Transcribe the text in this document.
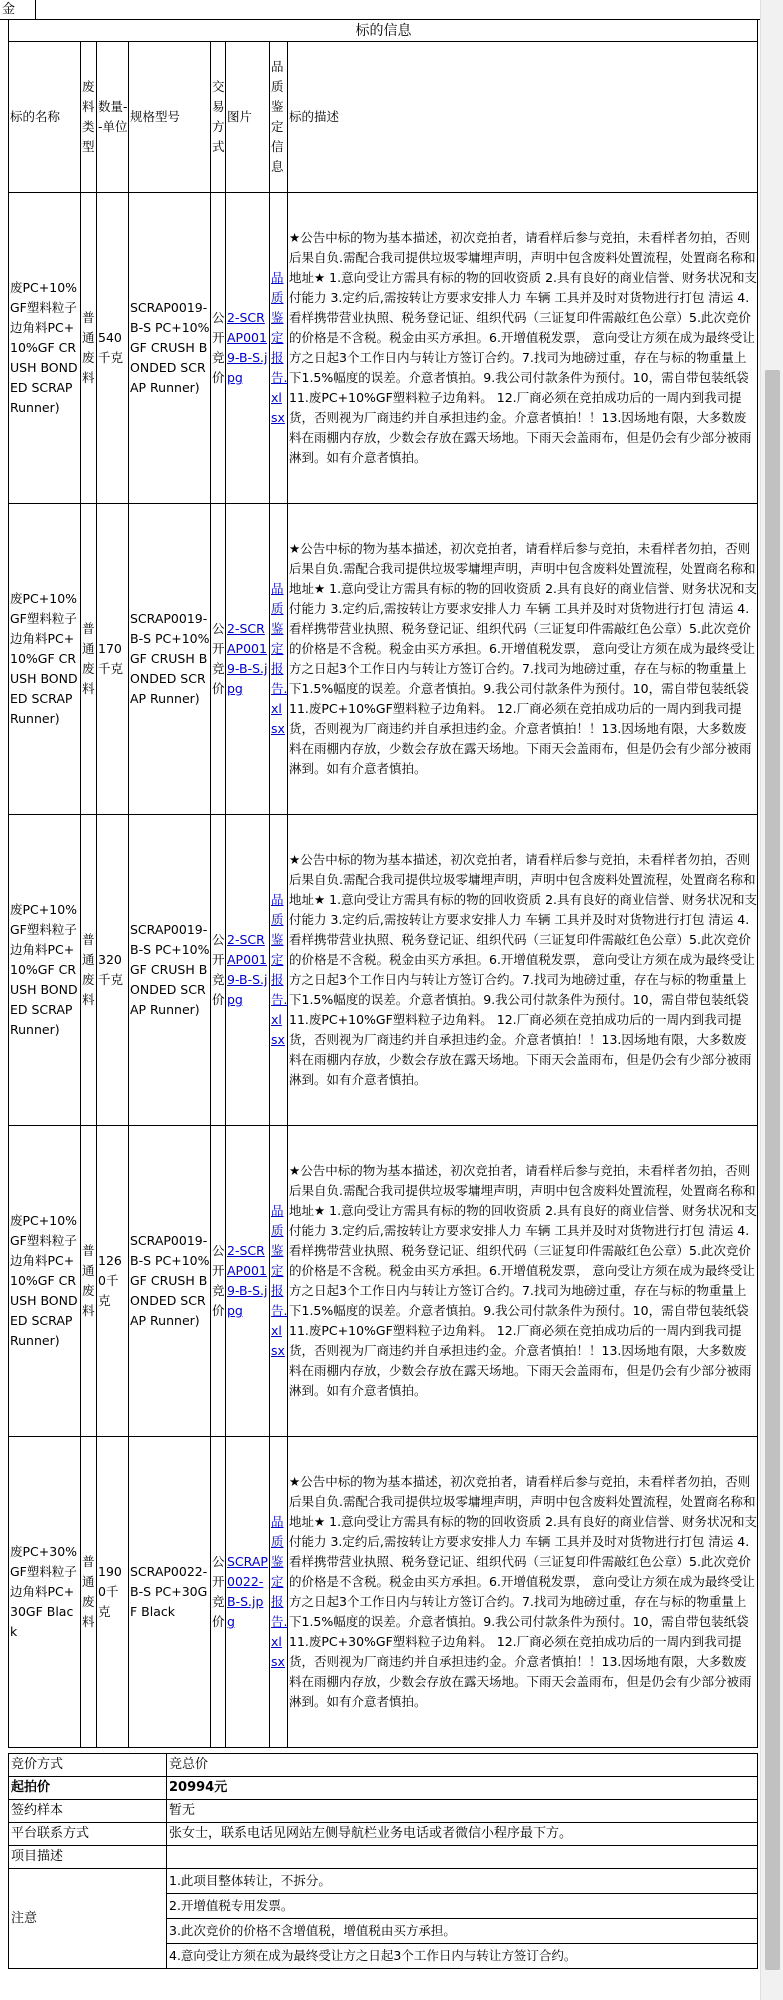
金
标的信息							
标的名称	废料类型	数量--单位	规格型号	交易方式	图片	品质鉴定信息	标的描述
废PC+10%GF塑料粒子边角料PC+10%GF CRUSH BONDED SCRAP Runner)	普通废料	540千克	SCRAP0019-B-S PC+10%GF CRUSH BONDED SCRAP Runner)	公开竞价	2-SCRAP0019-B-S.jpg	品质鉴定报告.xlsx	★公告中标的物为基本描述，初次竞拍者，请看样后参与竞拍，未看样者勿拍，否则后果自负.需配合我司提供垃圾零墉埋声明，声明中包含废料处置流程，处置商名称和地址★ 1.意向受让方需具有标的物的回收资质 2.具有良好的商业信誉、财务状况和支付能力 3.定约后,需按转让方要求安排人力 车辆 工具并及时对货物进行打包 清运 4.看样携带营业执照、税务登记证、组织代码（三证复印件需敲红色公章）5.此次竞价的价格是不含税。税金由买方承担。6.开增值税发票， 意向受让方须在成为最终受让方之日起3个工作日内与转让方签订合约。7.找司为地磅过重，存在与标的物重量上下1.5%幅度的误差。介意者慎拍。9.我公司付款条件为预付。10，需自带包装纸袋 11.废PC+10%GF塑料粒子边角料。 12.厂商必须在竞拍成功后的一周内到我司提货，否则视为厂商违约并自承担违约金。介意者慎拍！！13.因场地有限，大多数废料在雨棚内存放，少数会存放在露天场地。下雨天会盖雨布，但是仍会有少部分被雨淋到。如有介意者慎拍。
废PC+10%GF塑料粒子边角料PC+10%GF CRUSH BONDED SCRAP Runner)	普通废料	170千克	SCRAP0019-B-S PC+10%GF CRUSH BONDED SCRAP Runner)	公开竞价	2-SCRAP0019-B-S.jpg	品质鉴定报告.xlsx	★公告中标的物为基本描述，初次竞拍者，请看样后参与竞拍，未看样者勿拍，否则后果自负.需配合我司提供垃圾零墉埋声明，声明中包含废料处置流程，处置商名称和地址★ 1.意向受让方需具有标的物的回收资质 2.具有良好的商业信誉、财务状况和支付能力 3.定约后,需按转让方要求安排人力 车辆 工具并及时对货物进行打包 清运 4.看样携带营业执照、税务登记证、组织代码（三证复印件需敲红色公章）5.此次竞价的价格是不含税。税金由买方承担。6.开增值税发票， 意向受让方须在成为最终受让方之日起3个工作日内与转让方签订合约。7.找司为地磅过重，存在与标的物重量上下1.5%幅度的误差。介意者慎拍。9.我公司付款条件为预付。10，需自带包装纸袋 11.废PC+10%GF塑料粒子边角料。 12.厂商必须在竞拍成功后的一周内到我司提货，否则视为厂商违约并自承担违约金。介意者慎拍！！13.因场地有限，大多数废料在雨棚内存放，少数会存放在露天场地。下雨天会盖雨布，但是仍会有少部分被雨淋到。如有介意者慎拍。
废PC+10%GF塑料粒子边角料PC+10%GF CRUSH BONDED SCRAP Runner)	普通废料	320千克	SCRAP0019-B-S PC+10%GF CRUSH BONDED SCRAP Runner)	公开竞价	2-SCRAP0019-B-S.jpg	品质鉴定报告.xlsx	★公告中标的物为基本描述，初次竞拍者，请看样后参与竞拍，未看样者勿拍，否则后果自负.需配合我司提供垃圾零墉埋声明，声明中包含废料处置流程，处置商名称和地址★ 1.意向受让方需具有标的物的回收资质 2.具有良好的商业信誉、财务状况和支付能力 3.定约后,需按转让方要求安排人力 车辆 工具并及时对货物进行打包 清运 4.看样携带营业执照、税务登记证、组织代码（三证复印件需敲红色公章）5.此次竞价的价格是不含税。税金由买方承担。6.开增值税发票， 意向受让方须在成为最终受让方之日起3个工作日内与转让方签订合约。7.找司为地磅过重，存在与标的物重量上下1.5%幅度的误差。介意者慎拍。9.我公司付款条件为预付。10，需自带包装纸袋 11.废PC+10%GF塑料粒子边角料。 12.厂商必须在竞拍成功后的一周内到我司提货，否则视为厂商违约并自承担违约金。介意者慎拍！！13.因场地有限，大多数废料在雨棚内存放，少数会存放在露天场地。下雨天会盖雨布，但是仍会有少部分被雨淋到。如有介意者慎拍。
废PC+10%GF塑料粒子边角料PC+10%GF CRUSH BONDED SCRAP Runner)	普通废料	1260千克	SCRAP0019-B-S PC+10%GF CRUSH BONDED SCRAP Runner)	公开竞价	2-SCRAP0019-B-S.jpg	品质鉴定报告.xlsx	★公告中标的物为基本描述，初次竞拍者，请看样后参与竞拍，未看样者勿拍，否则后果自负.需配合我司提供垃圾零墉埋声明，声明中包含废料处置流程，处置商名称和地址★ 1.意向受让方需具有标的物的回收资质 2.具有良好的商业信誉、财务状况和支付能力 3.定约后,需按转让方要求安排人力 车辆 工具并及时对货物进行打包 清运 4.看样携带营业执照、税务登记证、组织代码（三证复印件需敲红色公章）5.此次竞价的价格是不含税。税金由买方承担。6.开增值税发票， 意向受让方须在成为最终受让方之日起3个工作日内与转让方签订合约。7.找司为地磅过重，存在与标的物重量上下1.5%幅度的误差。介意者慎拍。9.我公司付款条件为预付。10，需自带包装纸袋 11.废PC+10%GF塑料粒子边角料。 12.厂商必须在竞拍成功后的一周内到我司提货，否则视为厂商违约并自承担违约金。介意者慎拍！！13.因场地有限，大多数废料在雨棚内存放，少数会存放在露天场地。下雨天会盖雨布，但是仍会有少部分被雨淋到。如有介意者慎拍。
废PC+30%GF塑料粒子边角料PC+30GF Black	普通废料	1900千克	SCRAP0022-B-S PC+30GF Black	公开竞价	SCRAP0022-B-S.jpg	品质鉴定报告.xlsx	★公告中标的物为基本描述，初次竞拍者，请看样后参与竞拍，未看样者勿拍，否则后果自负.需配合我司提供垃圾零墉埋声明，声明中包含废料处置流程，处置商名称和地址★ 1.意向受让方需具有标的物的回收资质 2.具有良好的商业信誉、财务状况和支付能力 3.定约后,需按转让方要求安排人力 车辆 工具并及时对货物进行打包 清运 4.看样携带营业执照、税务登记证、组织代码（三证复印件需敲红色公章）5.此次竞价的价格是不含税。税金由买方承担。6.开增值税发票， 意向受让方须在成为最终受让方之日起3个工作日内与转让方签订合约。7.找司为地磅过重，存在与标的物重量上下1.5%幅度的误差。介意者慎拍。9.我公司付款条件为预付。10，需自带包装纸袋 11.废PC+30%GF塑料粒子边角料。 12.厂商必须在竞拍成功后的一周内到我司提货，否则视为厂商违约并自承担违约金。介意者慎拍！！13.因场地有限，大多数废料在雨棚内存放，少数会存放在露天场地。下雨天会盖雨布，但是仍会有少部分被雨淋到。如有介意者慎拍。
竞价方式	竞总价
起拍价	20994元
签约样本	暂无
平台联系方式	张女士，联系电话见网站左侧导航栏业务电话或者微信小程序最下方。
项目描述	
注意	1.此项目整体转让，不拆分。
2.开增值税专用发票。
3.此次竞价的价格不含增值税，增值税由买方承担。
4.意向受让方须在成为最终受让方之日起3个工作日内与转让方签订合约。
